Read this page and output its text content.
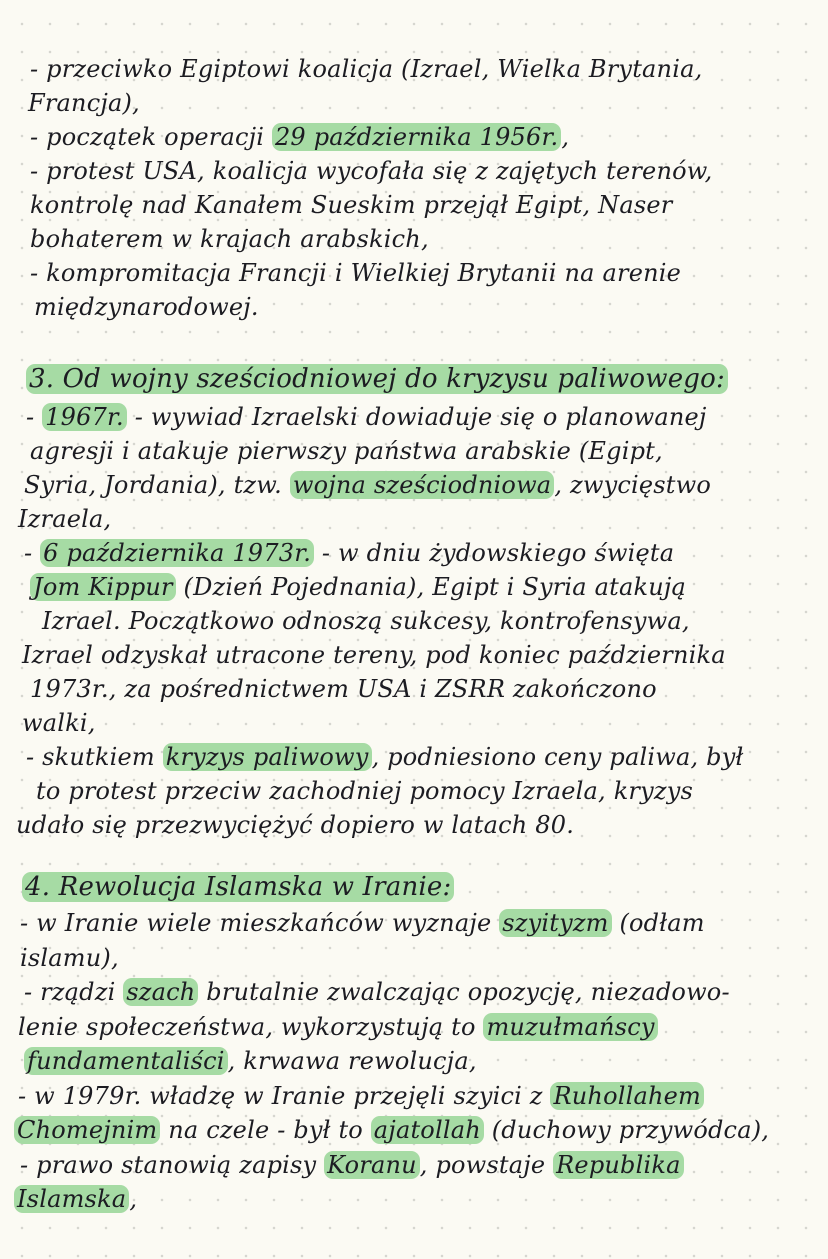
- przeciwko Egiptowi koalicja (Izrael, Wielka Brytania,
Francja),
- początek operacji 29 października 1956r. ,
- protest USA, koalicja wycofała się z zajętych terenów,
kontrolę nad Kanałem Sueskim przejął Egipt, Naser
bohaterem w krajach arabskich,
- kompromitacja Francji i Wielkiej Brytanii na arenie
międzynarodowej.
3. Od wojny sześciodniowej do kryzysu paliwowego:
- 1967r. - wywiad Izraelski dowiaduje się o planowanej
agresji i atakuje pierwszy państwa arabskie (Egipt,
Syria, Jordania), tzw. wojna sześciodniowa , zwycięstwo
Izraela,
- 6 października 1973r. - w dniu żydowskiego święta
Jom Kippur (Dzień Pojednania), Egipt i Syria atakują
Izrael. Początkowo odnoszą sukcesy, kontrofensywa,
Izrael odzyskał utracone tereny, pod koniec października
1973r., za pośrednictwem USA i ZSRR zakończono
walki,
- skutkiem kryzys paliwowy , podniesiono ceny paliwa, był
to protest przeciw zachodniej pomocy Izraela, kryzys
udało się przezwyciężyć dopiero w latach 80.
4. Rewolucja Islamska w Iranie:
- w Iranie wiele mieszkańców wyznaje szyityzm (odłam
islamu),
- rządzi szach brutalnie zwalczając opozycję, niezadowo-
lenie społeczeństwa, wykorzystują to muzułmańscy
fundamentaliści , krwawa rewolucja,
- w 1979r. władzę w Iranie przejęli szyici z Ruhollahem
Chomejnim na czele - był to ajatollah (duchowy przywódca),
- prawo stanowią zapisy Koranu , powstaje Republika
Islamska ,
